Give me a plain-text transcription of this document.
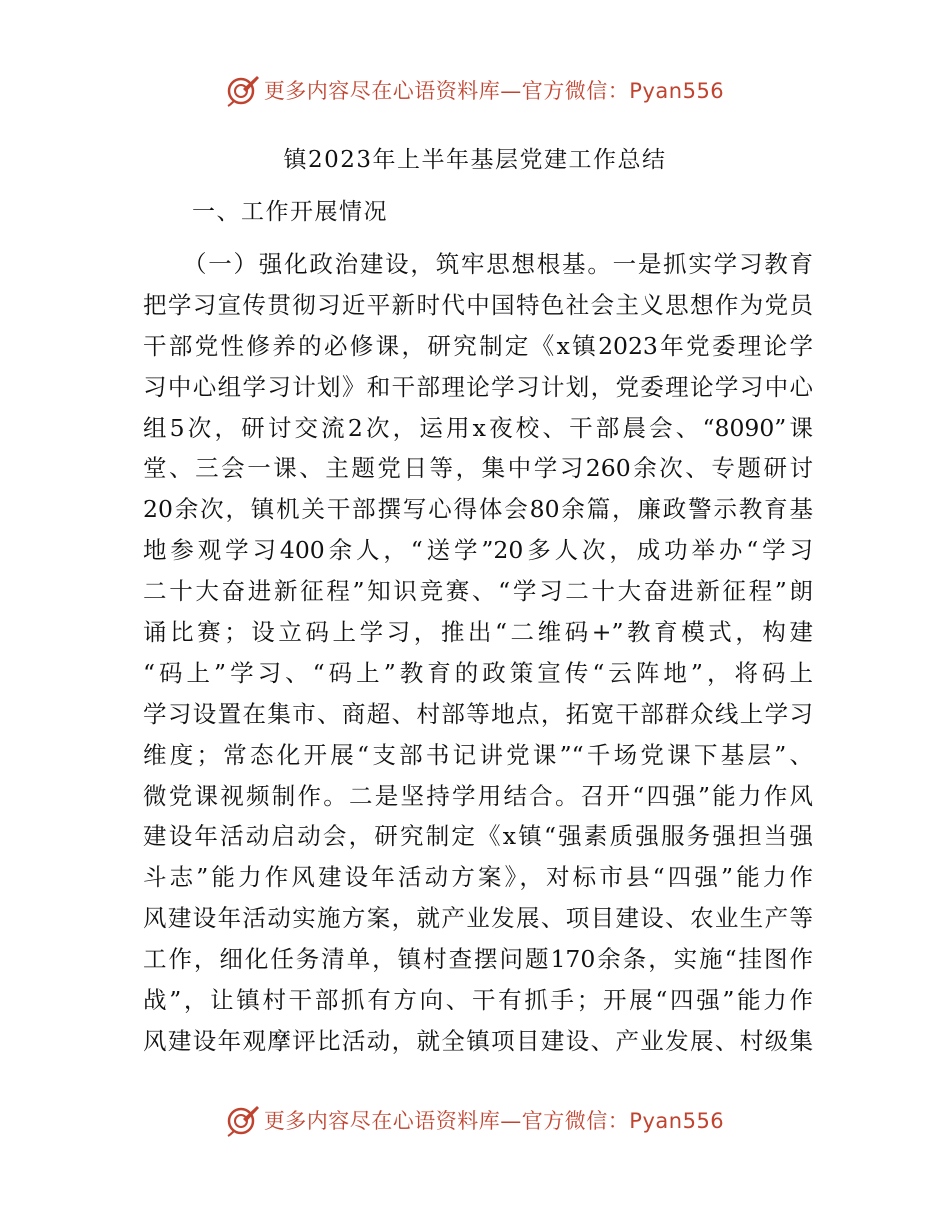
更多内容尽在心语资料库—官方微信：Pyan556
镇2023年上半年基层党建工作总结
一、工作开展情况
（一）强化政治建设，筑牢思想根基。一是抓实学习教育
把学习宣传贯彻习近平新时代中国特色社会主义思想作为党员
干部党性修养的必修课，研究制定《x镇2023年党委理论学
习中心组学习计划》和干部理论学习计划，党委理论学习中心
组5次，研讨交流2次，运用x夜校、干部晨会、“8090”课
堂、三会一课、主题党日等，集中学习260余次、专题研讨
20余次，镇机关干部撰写心得体会80余篇，廉政警示教育基
地参观学习400余人，“送学”20多人次，成功举办“学习
二十大奋进新征程”知识竞赛、“学习二十大奋进新征程”朗
诵比赛；设立码上学习，推出“二维码+”教育模式，构建
“码上”学习、“码上”教育的政策宣传“云阵地”，将码上
学习设置在集市、商超、村部等地点，拓宽干部群众线上学习
维度；常态化开展“支部书记讲党课”“千场党课下基层”、
微党课视频制作。二是坚持学用结合。召开“四强”能力作风
建设年活动启动会，研究制定《x镇“强素质强服务强担当强
斗志”能力作风建设年活动方案》，对标市县“四强”能力作
风建设年活动实施方案，就产业发展、项目建设、农业生产等
工作，细化任务清单，镇村查摆问题170余条，实施“挂图作
战”，让镇村干部抓有方向、干有抓手；开展“四强”能力作
风建设年观摩评比活动，就全镇项目建设、产业发展、村级集
更多内容尽在心语资料库—官方微信：Pyan556
